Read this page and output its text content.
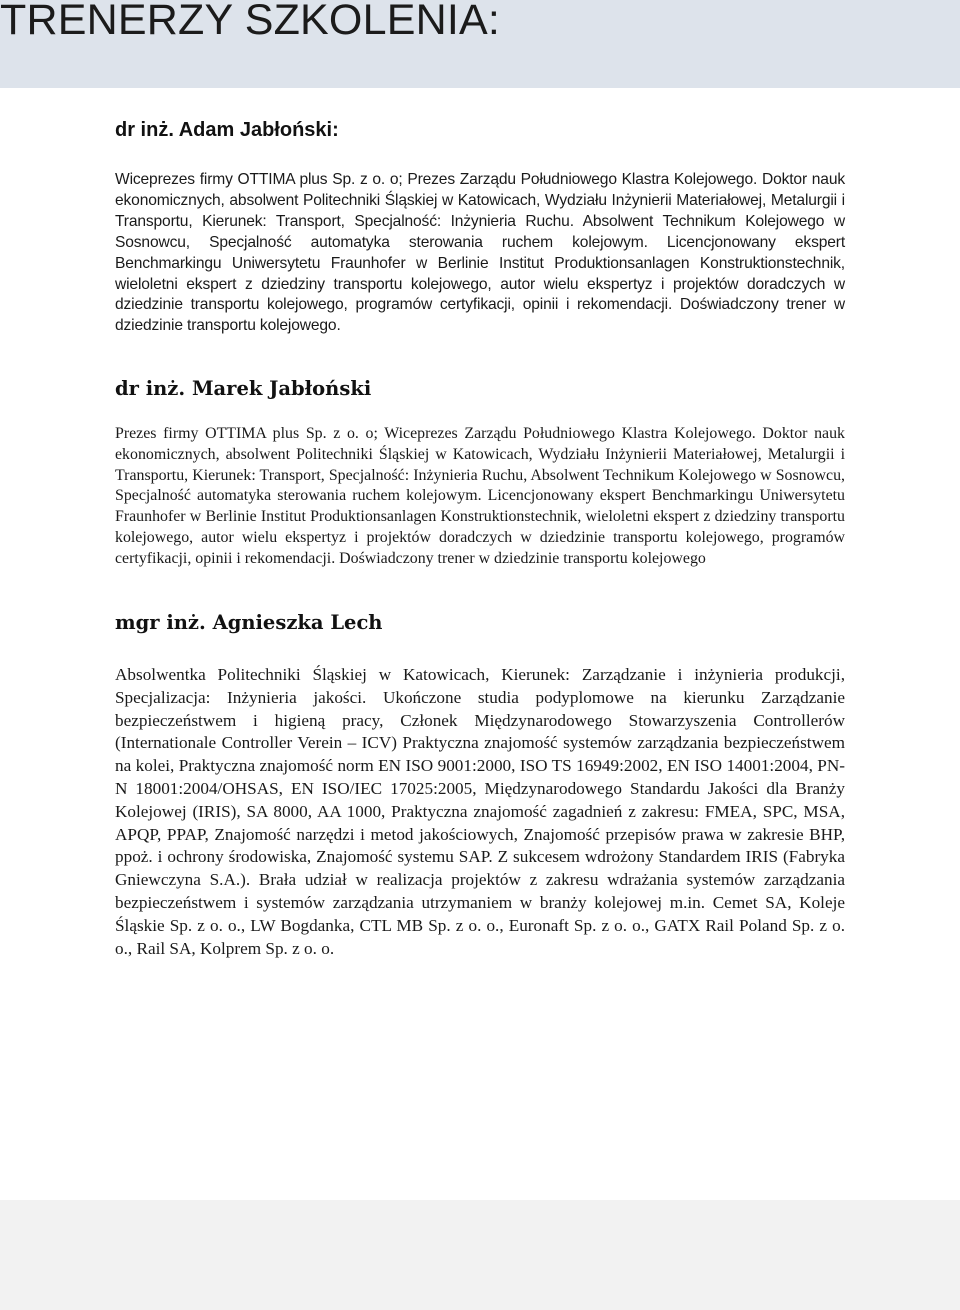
TRENERZY SZKOLENIA:
dr inż. Adam Jabłoński:

Wiceprezes firmy OTTIMA plus Sp. z o. o; Prezes Zarządu Południowego Klastra Kolejowego. Doktor nauk ekonomicznych, absolwent Politechniki Śląskiej w Katowicach, Wydziału Inżynierii Materiałowej, Metalurgii i Transportu, Kierunek: Transport, Specjalność: Inżynieria Ruchu. Absolwent Technikum Kolejowego w Sosnowcu, Specjalność automatyka sterowania ruchem kolejowym. Licencjonowany ekspert Benchmarkingu Uniwersytetu Fraunhofer w Berlinie Institut Produktionsanlagen Konstruktionstechnik, wieloletni ekspert z dziedziny transportu kolejowego, autor wielu ekspertyz i projektów doradczych w dziedzinie transportu kolejowego, programów certyfikacji, opinii i rekomendacji. Doświadczony trener w dziedzinie transportu kolejowego.

dr inż. Marek Jabłoński

Prezes firmy OTTIMA plus Sp. z o. o; Wiceprezes Zarządu Południowego Klastra Kolejowego. Doktor nauk ekonomicznych, absolwent Politechniki Śląskiej w Katowicach, Wydziału Inżynierii Materiałowej, Metalurgii i Transportu, Kierunek: Transport, Specjalność: Inżynieria Ruchu, Absolwent Technikum Kolejowego w Sosnowcu, Specjalność automatyka sterowania ruchem kolejowym. Licencjonowany ekspert Benchmarkingu Uniwersytetu Fraunhofer w Berlinie Institut Produktionsanlagen Konstruktionstechnik, wieloletni ekspert z dziedziny transportu kolejowego, autor wielu ekspertyz i projektów doradczych w dziedzinie transportu kolejowego, programów certyfikacji, opinii i rekomendacji. Doświadczony trener w dziedzinie transportu kolejowego

mgr inż. Agnieszka Lech

Absolwentka Politechniki Śląskiej w Katowicach, Kierunek: Zarządzanie i inżynieria produkcji, Specjalizacja: Inżynieria jakości. Ukończone studia podyplomowe na kierunku Zarządzanie bezpieczeństwem i higieną pracy, Członek Międzynarodowego Stowarzyszenia Controllerów (Internationale Controller Verein – ICV) Praktyczna znajomość systemów zarządzania bezpieczeństwem na kolei, Praktyczna znajomość norm EN ISO 9001:2000, ISO TS 16949:2002, EN ISO 14001:2004, PN-N 18001:2004/OHSAS, EN ISO/IEC 17025:2005, Międzynarodowego Standardu Jakości dla Branży Kolejowej (IRIS), SA 8000, AA 1000, Praktyczna znajomość zagadnień z zakresu: FMEA, SPC, MSA, APQP, PPAP, Znajomość narzędzi i metod jakościowych, Znajomość przepisów prawa w zakresie BHP, ppoż. i ochrony środowiska, Znajomość systemu SAP. Z sukcesem wdrożony Standardem IRIS (Fabryka Gniewczyna S.A.). Brała udział w realizacja projektów z zakresu wdrażania systemów zarządzania bezpieczeństwem i systemów zarządzania utrzymaniem w branży kolejowej m.in. Cemet SA, Koleje Śląskie Sp. z o. o., LW Bogdanka, CTL MB Sp. z o. o., Euronaft Sp. z o. o., GATX Rail Poland Sp. z o. o., Rail SA, Kolprem Sp. z o. o.
